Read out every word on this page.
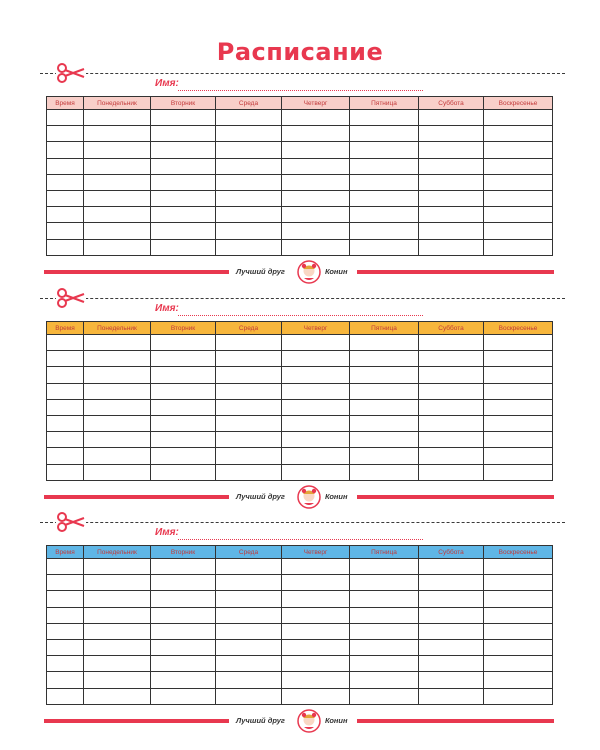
Расписание
Имя:
Время	Понедельник	Вторник	Среда	Четверг	Пятница	Суббота	Воскресенье

Лучший друг	Конин
Имя:
Время	Понедельник	Вторник	Среда	Четверг	Пятница	Суббота	Воскресенье

Лучший друг	Конин
Имя:
Время	Понедельник	Вторник	Среда	Четверг	Пятница	Суббота	Воскресенье

Лучший друг	Конин
